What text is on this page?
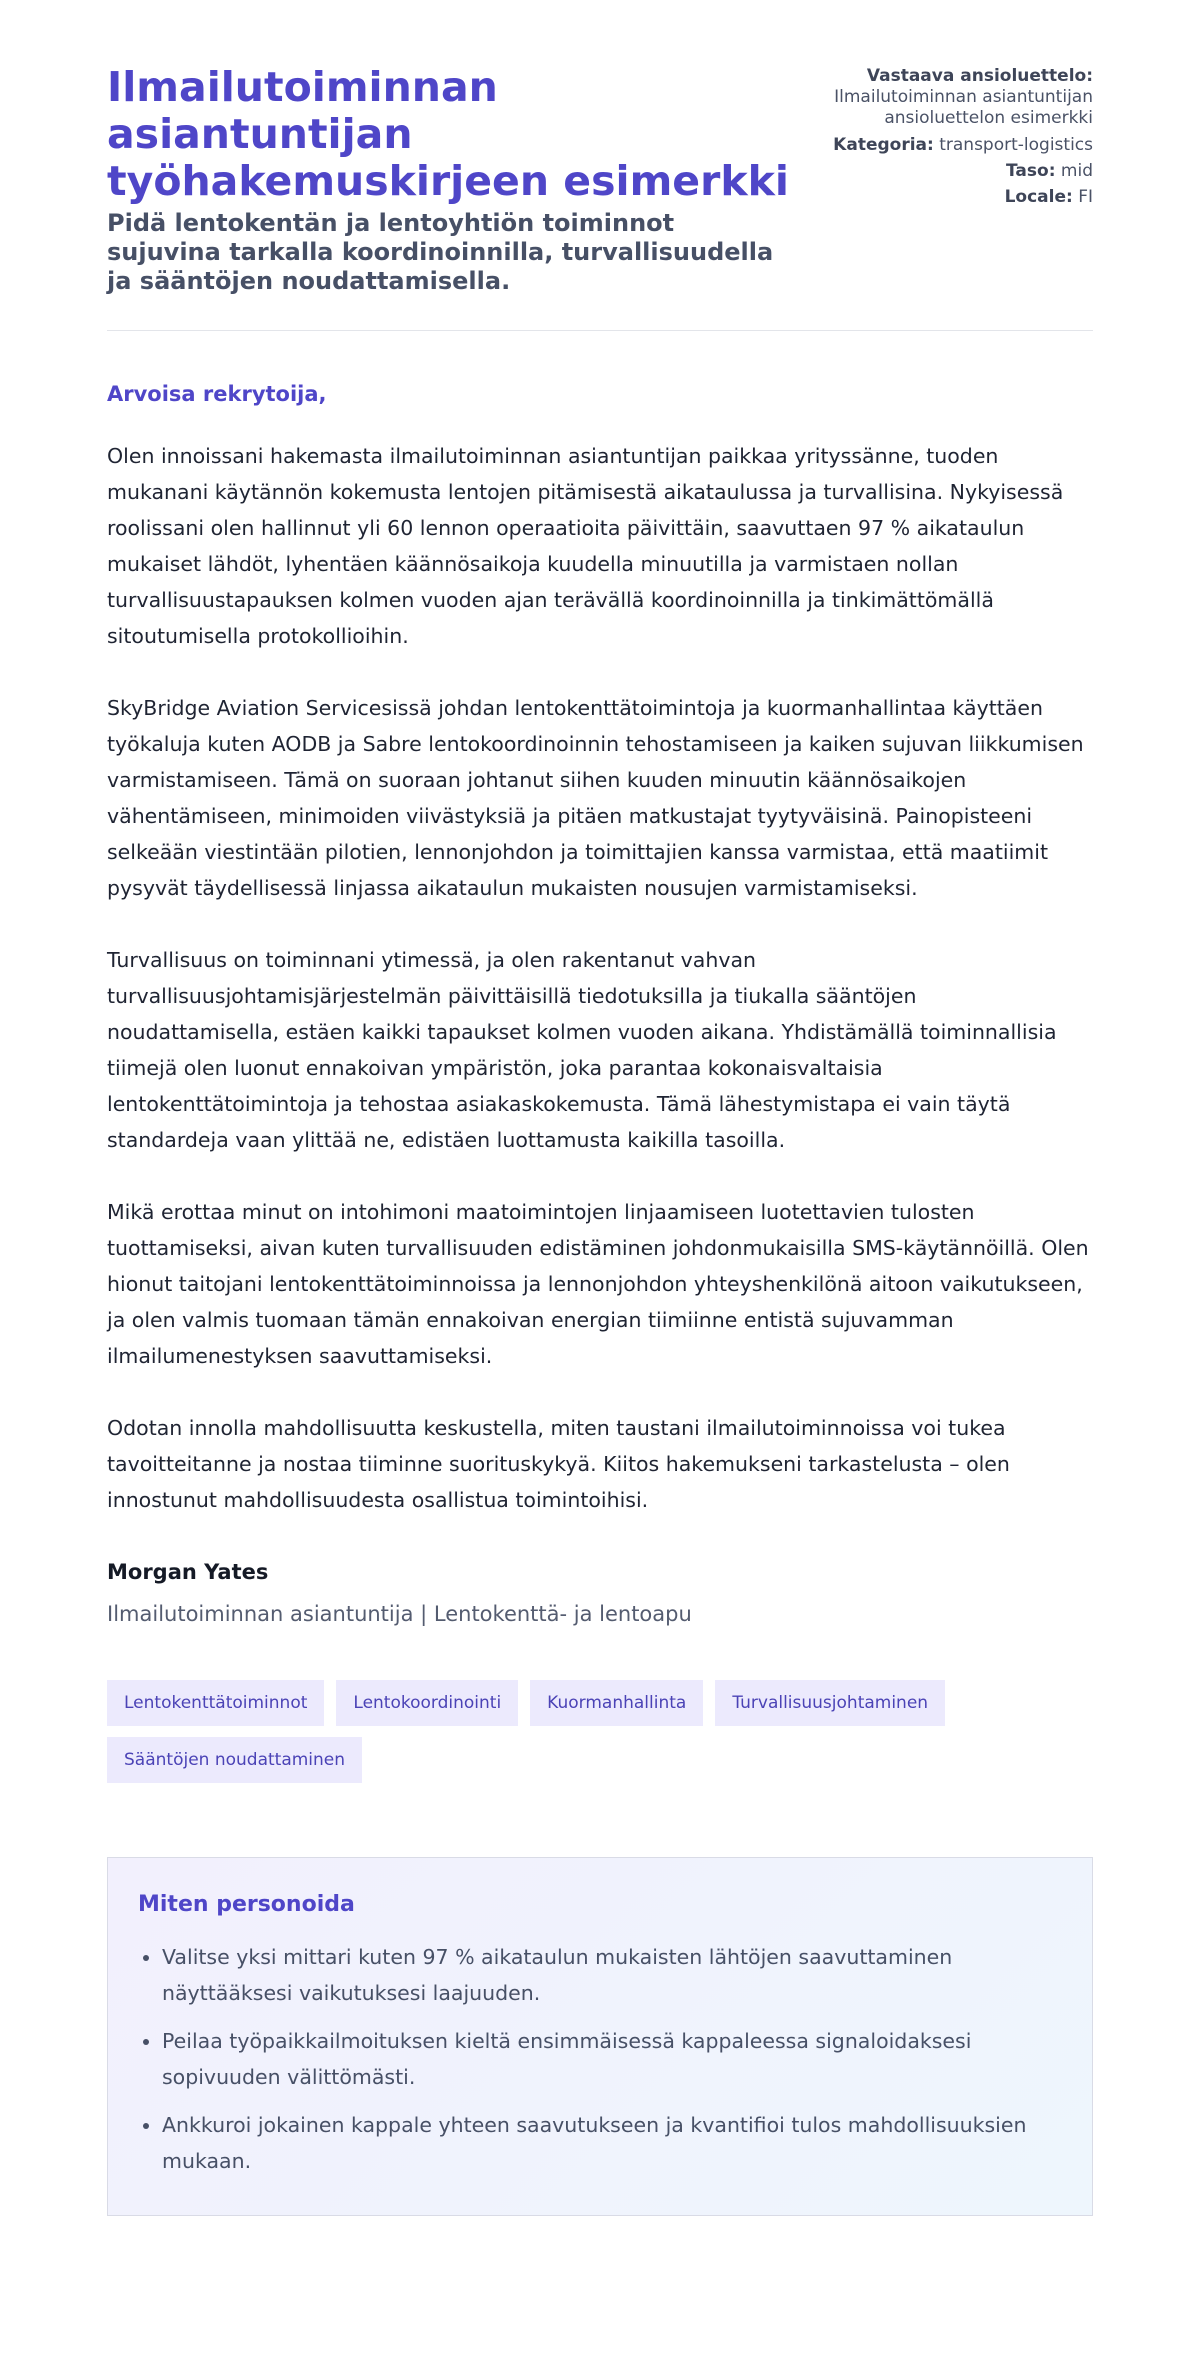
Ilmailutoiminnan asiantuntijan työhakemuskirjeen esimerkki
Pidä lentokentän ja lentoyhtiön toiminnot sujuvina tarkalla koordinoinnilla, turvallisuudella ja sääntöjen noudattamisella.
Vastaava ansioluettelo:
Ilmailutoiminnan asiantuntijan ansioluettelon esimerkki
Kategoria: transport-logistics
Taso: mid
Locale: FI
Arvoisa rekrytoija,

Olen innoissani hakemasta ilmailutoiminnan asiantuntijan paikkaa yrityssänne, tuoden mukanani käytännön kokemusta lentojen pitämisestä aikataulussa ja turvallisina. Nykyisessä roolissani olen hallinnut yli 60 lennon operaatioita päivittäin, saavuttaen 97 % aikataulun mukaiset lähdöt, lyhentäen käännösaikoja kuudella minuutilla ja varmistaen nollan turvallisuustapauksen kolmen vuoden ajan terävällä koordinoinnilla ja tinkimättömällä sitoutumisella protokollioihin.

SkyBridge Aviation Servicesissä johdan lentokenttätoimintoja ja kuormanhallintaa käyttäen työkaluja kuten AODB ja Sabre lentokoordinoinnin tehostamiseen ja kaiken sujuvan liikkumisen varmistamiseen. Tämä on suoraan johtanut siihen kuuden minuutin käännösaikojen vähentämiseen, minimoiden viivästyksiä ja pitäen matkustajat tyytyväisinä. Painopisteeni selkeään viestintään pilotien, lennonjohdon ja toimittajien kanssa varmistaa, että maatiimit pysyvät täydellisessä linjassa aikataulun mukaisten nousujen varmistamiseksi.

Turvallisuus on toiminnani ytimessä, ja olen rakentanut vahvan turvallisuusjohtamisjärjestelmän päivittäisillä tiedotuksilla ja tiukalla sääntöjen noudattamisella, estäen kaikki tapaukset kolmen vuoden aikana. Yhdistämällä toiminnallisia tiimejä olen luonut ennakoivan ympäristön, joka parantaa kokonaisvaltaisia lentokenttätoimintoja ja tehostaa asiakaskokemusta. Tämä lähestymistapa ei vain täytä standardeja vaan ylittää ne, edistäen luottamusta kaikilla tasoilla.

Mikä erottaa minut on intohimoni maatoimintojen linjaamiseen luotettavien tulosten tuottamiseksi, aivan kuten turvallisuuden edistäminen johdonmukaisilla SMS-käytännöillä. Olen hionut taitojani lentokenttätoiminnoissa ja lennonjohdon yhteyshenkilönä aitoon vaikutukseen, ja olen valmis tuomaan tämän ennakoivan energian tiimiinne entistä sujuvamman ilmailumenestyksen saavuttamiseksi.

Odotan innolla mahdollisuutta keskustella, miten taustani ilmailutoiminnoissa voi tukea tavoitteitanne ja nostaa tiiminne suorituskykyä. Kiitos hakemukseni tarkastelusta – olen innostunut mahdollisuudesta osallistua toimintoihisi.

Morgan Yates
Ilmailutoiminnan asiantuntija | Lentokenttä- ja lentoapu
Lentokenttätoiminnot	Lentokoordinointi	Kuormanhallinta	Turvallisuusjohtaminen
Sääntöjen noudattaminen
Miten personoida
• Valitse yksi mittari kuten 97 % aikataulun mukaisten lähtöjen saavuttaminen näyttääksesi vaikutuksesi laajuuden.
• Peilaa työpaikkailmoituksen kieltä ensimmäisessä kappaleessa signaloidaksesi sopivuuden välittömästi.
• Ankkuroi jokainen kappale yhteen saavutukseen ja kvantifioi tulos mahdollisuuksien mukaan.
